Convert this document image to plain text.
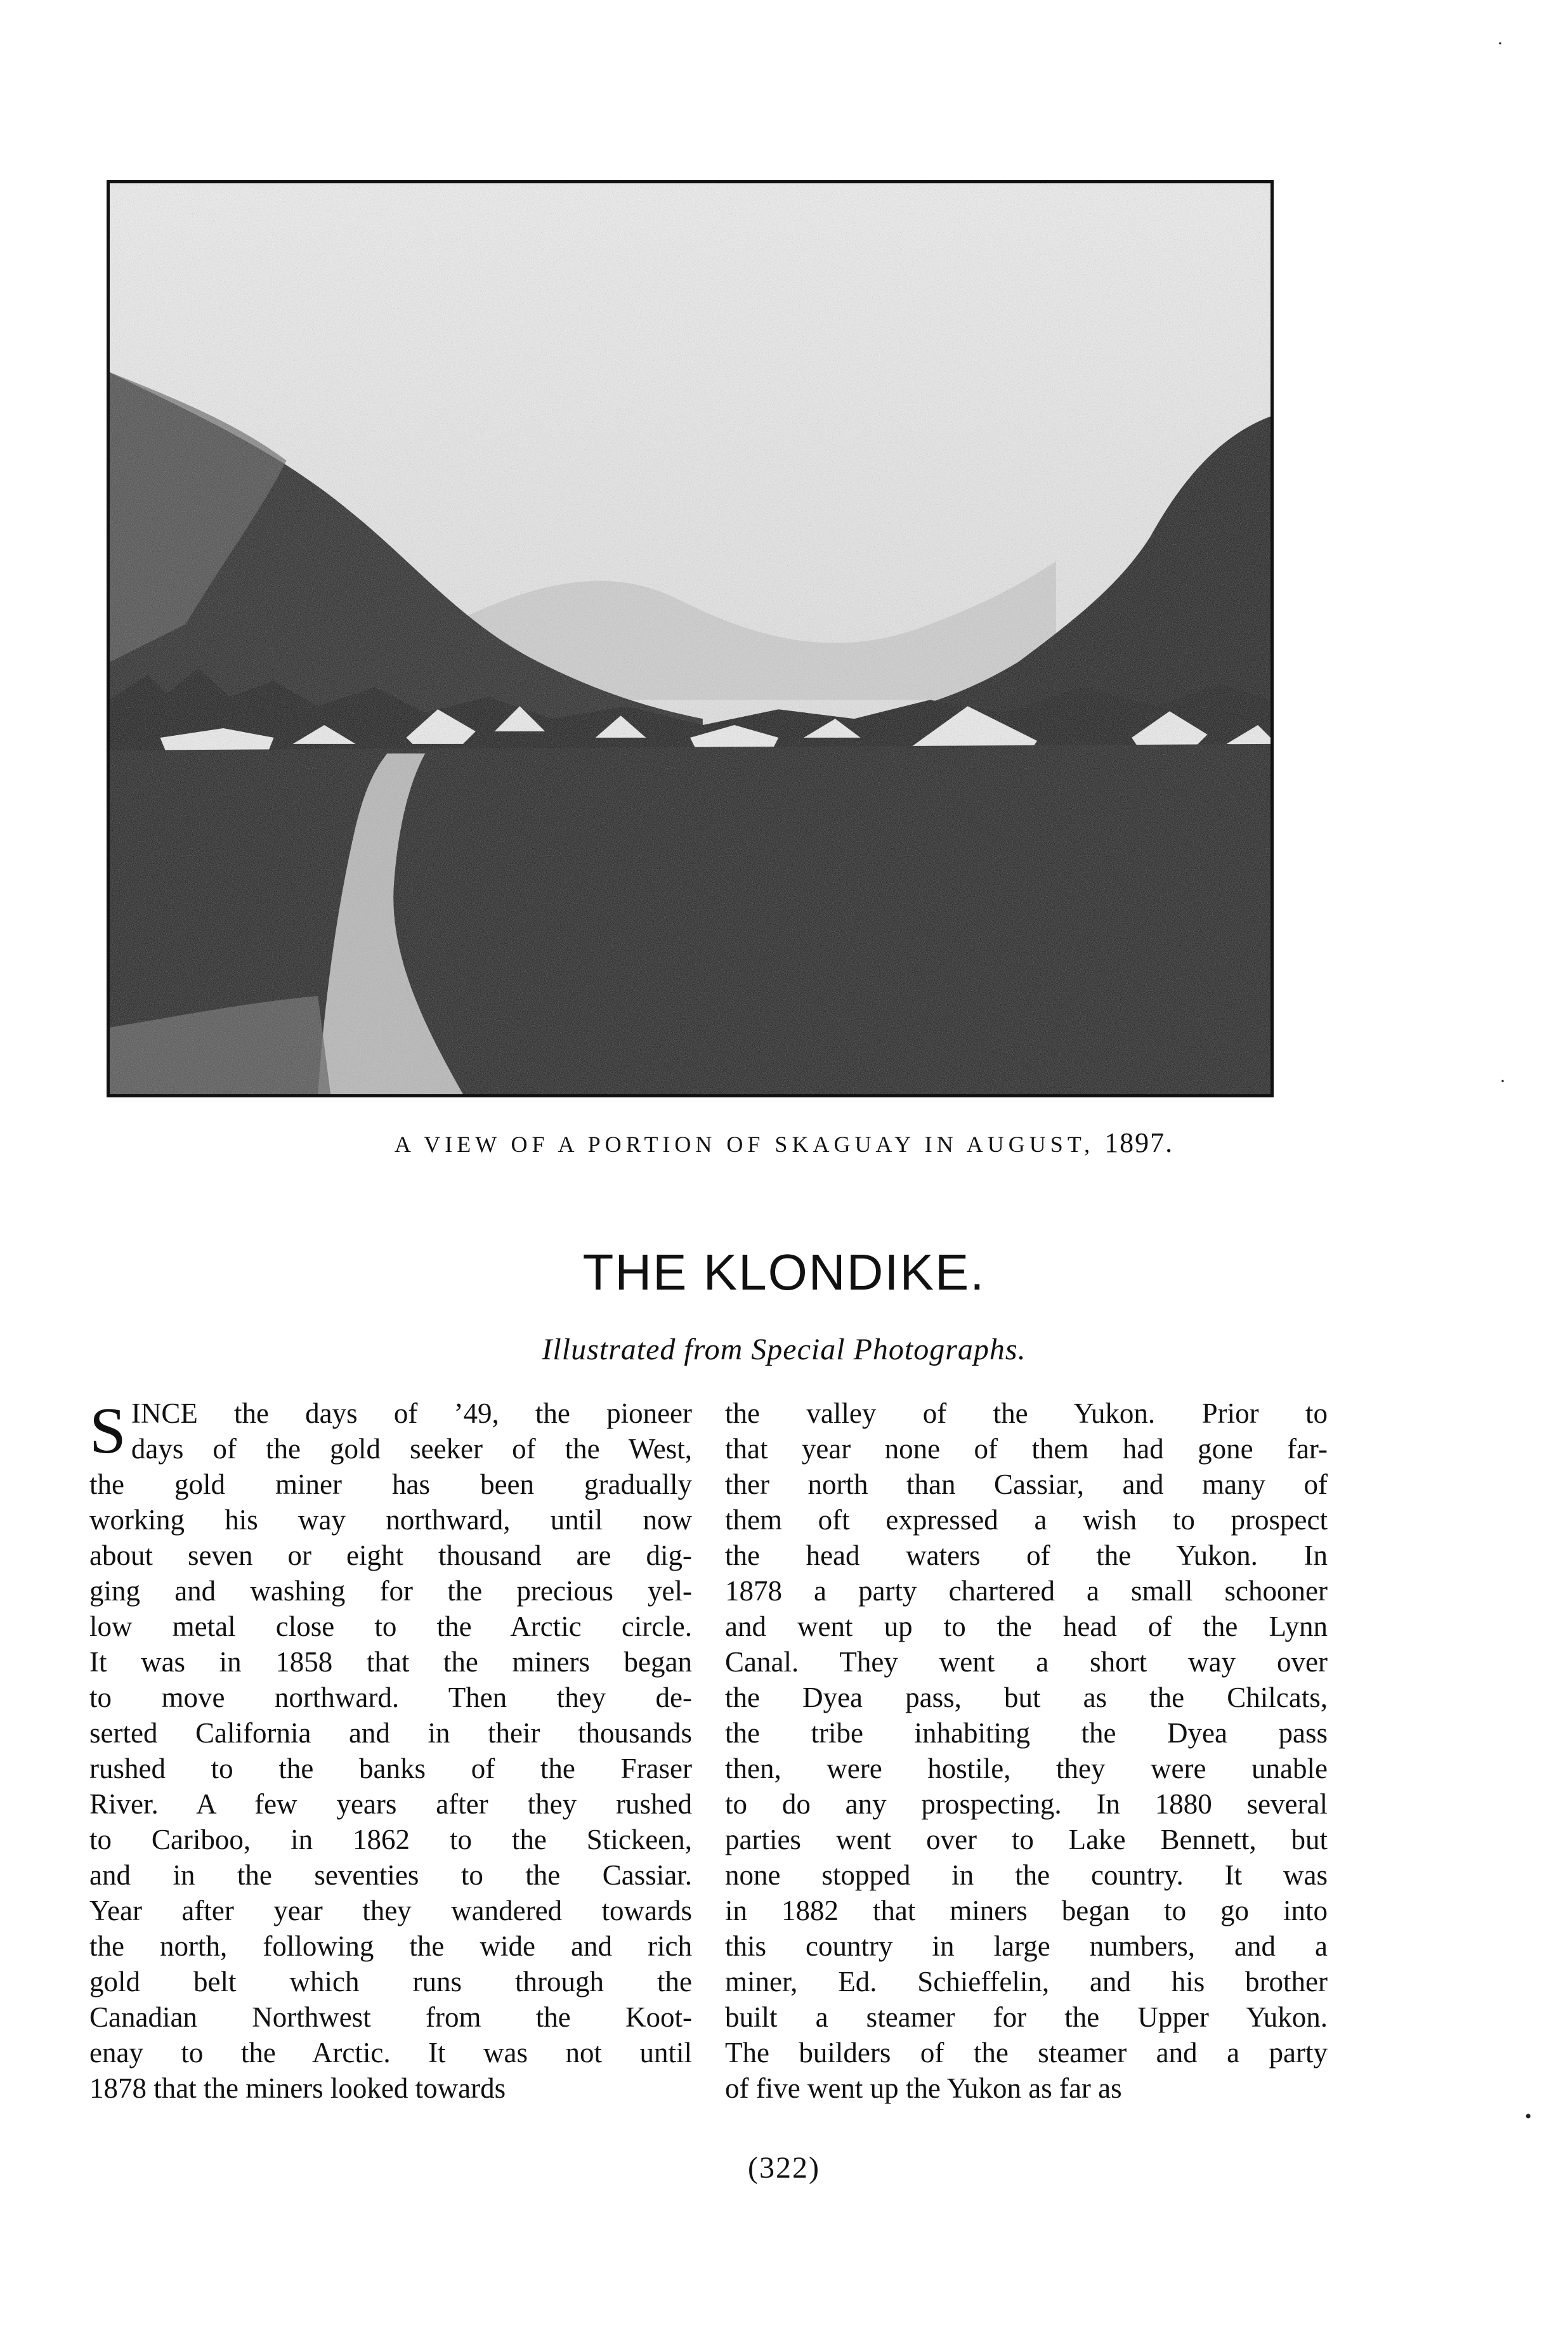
A VIEW OF A PORTION OF SKAGUAY IN AUGUST, 1897.
THE KLONDIKE.
Illustrated from Special Photographs.
S INCE the days of ’49, the pioneer
days of the gold seeker of the West,
the gold miner has been gradually
working his way northward, until now
about seven or eight thousand are dig-
ging and washing for the precious yel-
low metal close to the Arctic circle.
It was in 1858 that the miners began
to move northward. Then they de-
serted California and in their thousands
rushed to the banks of the Fraser
River. A few years after they rushed
to Cariboo, in 1862 to the Stickeen,
and in the seventies to the Cassiar.
Year after year they wandered towards
the north, following the wide and rich
gold belt which runs through the
Canadian Northwest from the Koot-
enay to the Arctic. It was not until
1878 that the miners looked towards
the valley of the Yukon. Prior to
that year none of them had gone far-
ther north than Cassiar, and many of
them oft expressed a wish to prospect
the head waters of the Yukon. In
1878 a party chartered a small schooner
and went up to the head of the Lynn
Canal. They went a short way over
the Dyea pass, but as the Chilcats,
the tribe inhabiting the Dyea pass
then, were hostile, they were unable
to do any prospecting. In 1880 several
parties went over to Lake Bennett, but
none stopped in the country. It was
in 1882 that miners began to go into
this country in large numbers, and a
miner, Ed. Schieffelin, and his brother
built a steamer for the Upper Yukon.
The builders of the steamer and a party
of five went up the Yukon as far as
(322)
·
·
•
